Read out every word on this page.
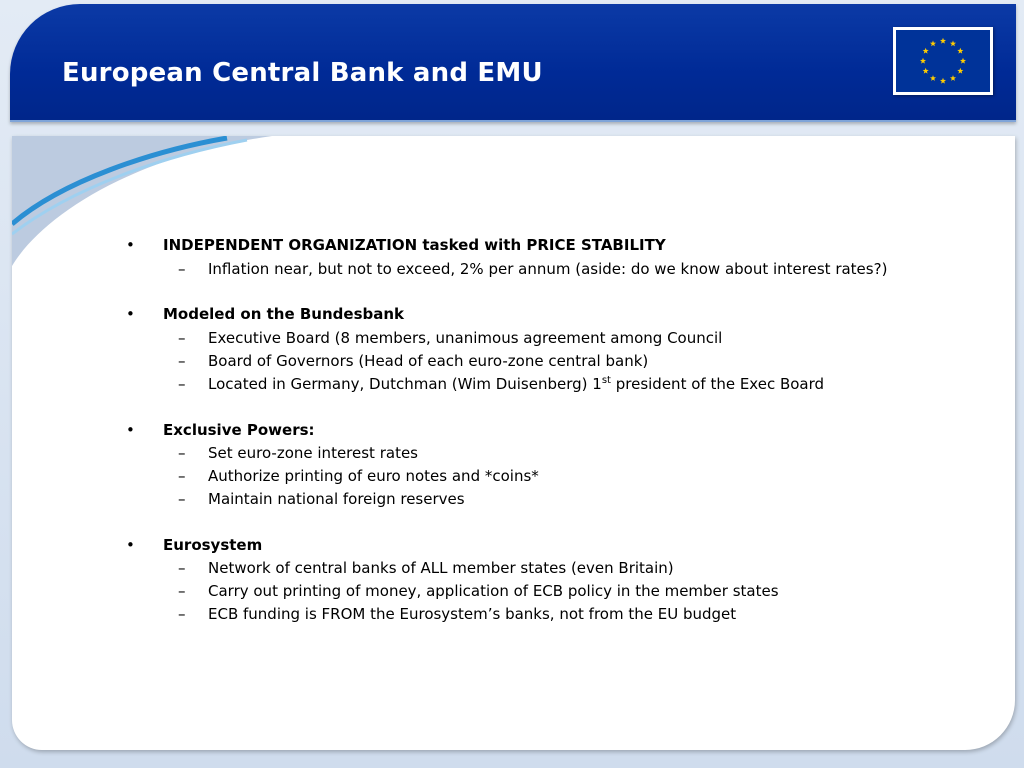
European Central Bank and EMU
• INDEPENDENT ORGANIZATION tasked with PRICE STABILITY
– Inflation near, but not to exceed, 2% per annum (aside: do we know about interest rates?)
• Modeled on the Bundesbank
– Executive Board (8 members, unanimous agreement among Council
– Board of Governors (Head of each euro-zone central bank)
– Located in Germany, Dutchman (Wim Duisenberg) 1st president of the Exec Board
• Exclusive Powers:
– Set euro-zone interest rates
– Authorize printing of euro notes and *coins*
– Maintain national foreign reserves
• Eurosystem
– Network of central banks of ALL member states (even Britain)
– Carry out printing of money, application of ECB policy in the member states
– ECB funding is FROM the Eurosystem’s banks, not from the EU budget
